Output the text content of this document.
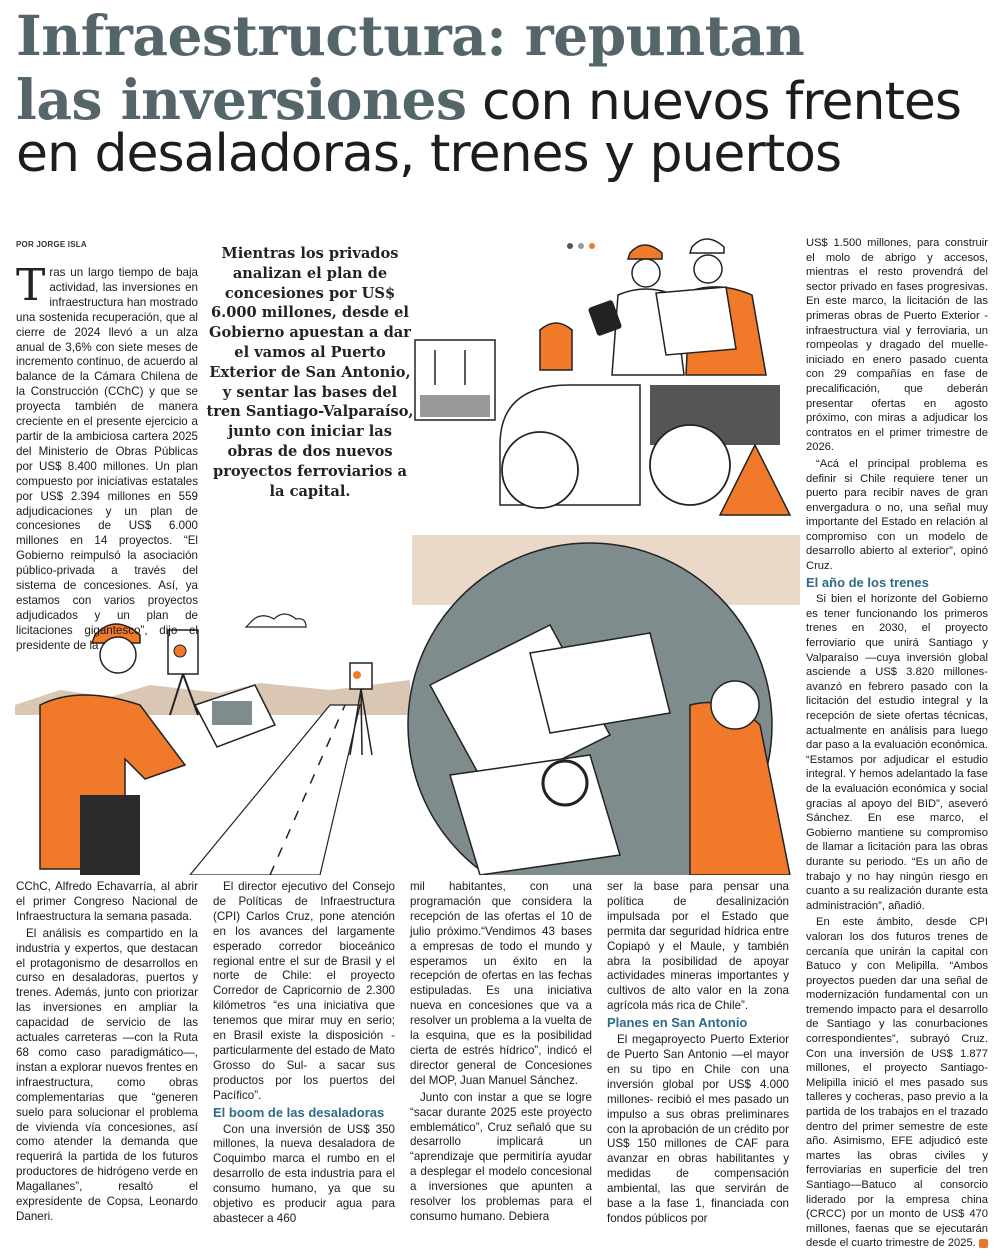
Infraestructura: repuntan
las inversiones con nuevos frentes
en desaladoras, trenes y puertos
POR JORGE ISLA
Mientras los privados analizan el plan de concesiones por US$ 6.000 millones, desde el Gobierno apuestan a dar el vamos al Puerto Exterior de San Antonio, y sentar las bases del tren Santiago-Valparaíso, junto con iniciar las obras de dos nuevos proyectos ferroviarios a la capital.

Tras un largo tiempo de baja actividad, las inversiones en infraestructura han mostrado una sostenida recuperación, que al cierre de 2024 llevó a un alza anual de 3,6% con siete meses de incremento continuo, de acuerdo al balance de la Cámara Chilena de la Construcción (CChC) y que se proyecta también de manera creciente en el presente ejercicio a partir de la ambiciosa cartera 2025 del Ministerio de Obras Públicas por US$ 8.400 millones. Un plan compuesto por iniciativas estatales por US$ 2.394 millones en 559 adjudicaciones y un plan de concesiones de US$ 6.000 millones en 14 proyectos. “El Gobierno reimpulsó la asociación público-privada a través del sistema de concesiones. Así, ya estamos con varios proyectos adjudicados y un plan de licitaciones gigantesco”, dijo el presidente de la

CChC, Alfredo Echavarría, al abrir el primer Congreso Nacional de Infraestructura la semana pasada.

El análisis es compartido en la industria y expertos, que destacan el protagonismo de desarrollos en curso en desaladoras, puertos y trenes. Además, junto con priorizar las inversiones en ampliar la capacidad de servicio de las actuales carreteras —con la Ruta 68 como caso paradigmático—, instan a explorar nuevos frentes en infraestructura, como obras complementarias que “generen suelo para solucionar el problema de vivienda vía concesiones, así como atender la demanda que requerirá la partida de los futuros productores de hidrógeno verde en Magallanes”, resaltó el expresidente de Copsa, Leonardo Daneri.

El director ejecutivo del Consejo de Políticas de Infraestructura (CPI) Carlos Cruz, pone atención en los avances del largamente esperado corredor bioceánico regional entre el sur de Brasil y el norte de Chile: el proyecto Corredor de Capricornio de 2.300 kilómetros “es una iniciativa que tenemos que mirar muy en serio; en Brasil existe la disposición -particularmente del estado de Mato Grosso do Sul- a sacar sus productos por los puertos del Pacífico”.

El boom de las desaladoras

Con una inversión de US$ 350 millones, la nueva desaladora de Coquimbo marca el rumbo en el desarrollo de esta industria para el consumo humano, ya que su objetivo es producir agua para abastecer a 460

mil habitantes, con una programación que considera la recepción de las ofertas el 10 de julio próximo.“Vendimos 43 bases a empresas de todo el mundo y esperamos un éxito en la recepción de ofertas en las fechas estipuladas. Es una iniciativa nueva en concesiones que va a resolver un problema a la vuelta de la esquina, que es la posibilidad cierta de estrés hídrico”, indicó el director general de Concesiones del MOP, Juan Manuel Sánchez.

Junto con instar a que se logre “sacar durante 2025 este proyecto emblemático”, Cruz señaló que su desarrollo implicará un “aprendizaje que permitiría ayudar a desplegar el modelo concesional a inversiones que apunten a resolver los problemas para el consumo humano. Debiera

ser la base para pensar una política de desalinización impulsada por el Estado que permita dar seguridad hídrica entre Copiapó y el Maule, y también abra la posibilidad de apoyar actividades mineras importantes y cultivos de alto valor en la zona agrícola más rica de Chile”.

Planes en San Antonio

El megaproyecto Puerto Exterior de Puerto San Antonio —el mayor en su tipo en Chile con una inversión global por US$ 4.000 millones- recibió el mes pasado un impulso a sus obras preliminares con la aprobación de un crédito por US$ 150 millones de CAF para avanzar en obras habilitantes y medidas de compensación ambiental, las que servirán de base a la fase 1, financiada con fondos públicos por

US$ 1.500 millones, para construir el molo de abrigo y accesos, mientras el resto provendrá del sector privado en fases progresivas. En este marco, la licitación de las primeras obras de Puerto Exterior -infraestructura vial y ferroviaria, un rompeolas y dragado del muelle- iniciado en enero pasado cuenta con 29 compañías en fase de precalificación, que deberán presentar ofertas en agosto próximo, con miras a adjudicar los contratos en el primer trimestre de 2026.

“Acá el principal problema es definir si Chile requiere tener un puerto para recibir naves de gran envergadura o no, una señal muy importante del Estado en relación al compromiso con un modelo de desarrollo abierto al exterior”, opinó Cruz.

El año de los trenes

Si bien el horizonte del Gobierno es tener funcionando los primeros trenes en 2030, el proyecto ferroviario que unirá Santiago y Valparaíso —cuya inversión global asciende a US$ 3.820 millones- avanzó en febrero pasado con la licitación del estudio integral y la recepción de siete ofertas técnicas, actualmente en análisis para luego dar paso a la evaluación económica. “Estamos por adjudicar el estudio integral. Y hemos adelantado la fase de la evaluación económica y social gracias al apoyo del BID”, aseveró Sánchez. En ese marco, el Gobierno mantiene su compromiso de llamar a licitación para las obras durante su periodo. “Es un año de trabajo y no hay ningún riesgo en cuanto a su realización durante esta administración”, añadió.

En este ámbito, desde CPI valoran los dos futuros trenes de cercanía que unirán la capital con Batuco y con Melipilla. “Ambos proyectos pueden dar una señal de modernización fundamental con un tremendo impacto para el desarrollo de Santiago y las conurbaciones correspondientes”, subrayó Cruz. Con una inversión de US$ 1.877 millones, el proyecto Santiago-Melipilla inició el mes pasado sus talleres y cocheras, paso previo a la partida de los trabajos en el trazado dentro del primer semestre de este año. Asimismo, EFE adjudicó este martes las obras civiles y ferroviarias en superficie del tren Santiago—Batuco al consorcio liderado por la empresa china (CRCC) por un monto de US$ 470 millones, faenas que se ejecutarán desde el cuarto trimestre de 2025. ■
